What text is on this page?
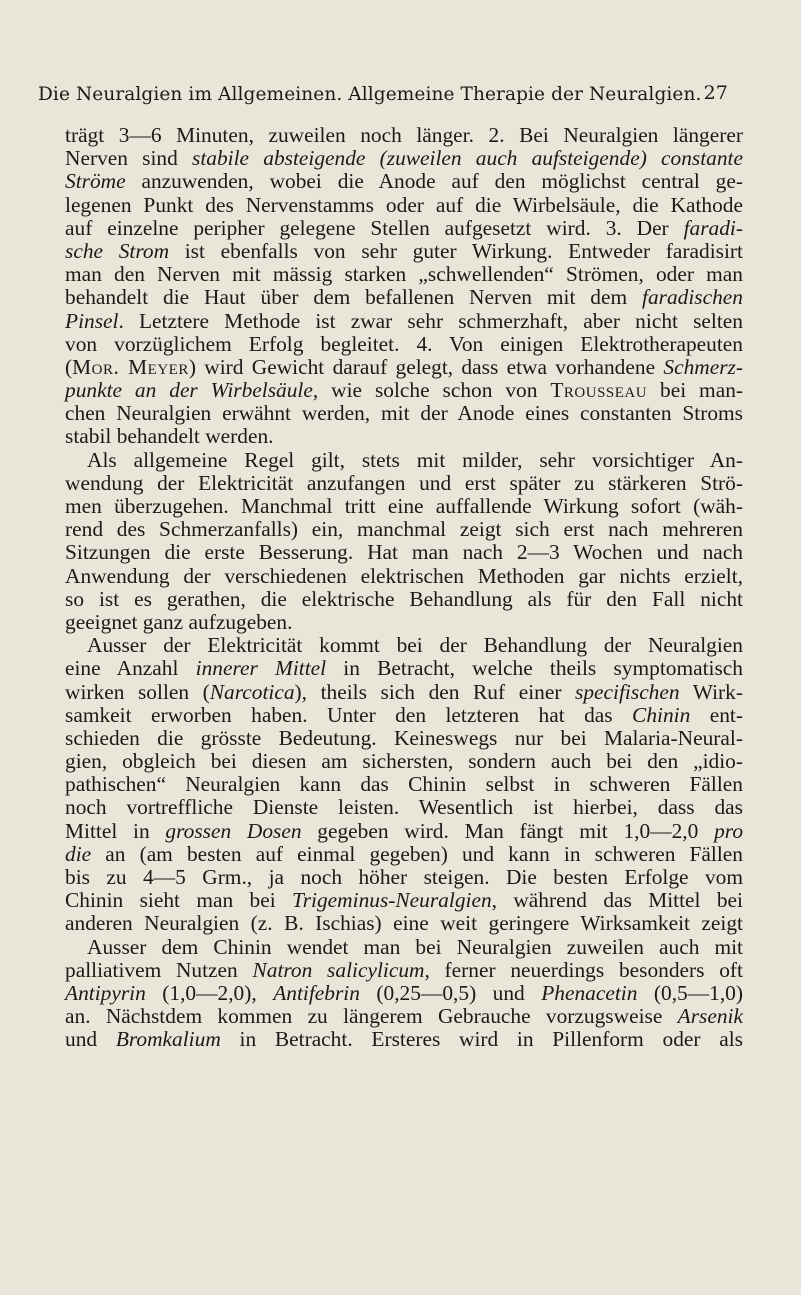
Die Neuralgien im Allgemeinen. Allgemeine Therapie der Neuralgien. 27
trägt 3—6 Minuten, zuweilen noch länger. 2. Bei Neuralgien längerer
Nerven sind stabile absteigende (zuweilen auch aufsteigende) constante
Ströme anzuwenden, wobei die Anode auf den möglichst central ge-
legenen Punkt des Nervenstamms oder auf die Wirbelsäule, die Kathode
auf einzelne peripher gelegene Stellen aufgesetzt wird. 3. Der faradi-
sche Strom ist ebenfalls von sehr guter Wirkung. Entweder faradisirt
man den Nerven mit mässig starken „schwellenden“ Strömen, oder man
behandelt die Haut über dem befallenen Nerven mit dem faradischen
Pinsel. Letztere Methode ist zwar sehr schmerzhaft, aber nicht selten
von vorzüglichem Erfolg begleitet. 4. Von einigen Elektrotherapeuten
(Mor. Meyer) wird Gewicht darauf gelegt, dass etwa vorhandene Schmerz-
punkte an der Wirbelsäule, wie solche schon von Trousseau bei man-
chen Neuralgien erwähnt werden, mit der Anode eines constanten Stroms
stabil behandelt werden.
Als allgemeine Regel gilt, stets mit milder, sehr vorsichtiger An-
wendung der Elektricität anzufangen und erst später zu stärkeren Strö-
men überzugehen. Manchmal tritt eine auffallende Wirkung sofort (wäh-
rend des Schmerzanfalls) ein, manchmal zeigt sich erst nach mehreren
Sitzungen die erste Besserung. Hat man nach 2—3 Wochen und nach
Anwendung der verschiedenen elektrischen Methoden gar nichts erzielt,
so ist es gerathen, die elektrische Behandlung als für den Fall nicht
geeignet ganz aufzugeben.
Ausser der Elektricität kommt bei der Behandlung der Neuralgien
eine Anzahl innerer Mittel in Betracht, welche theils symptomatisch
wirken sollen (Narcotica), theils sich den Ruf einer specifischen Wirk-
samkeit erworben haben. Unter den letzteren hat das Chinin ent-
schieden die grösste Bedeutung. Keineswegs nur bei Malaria-Neural-
gien, obgleich bei diesen am sichersten, sondern auch bei den „idio-
pathischen“ Neuralgien kann das Chinin selbst in schweren Fällen
noch vortreffliche Dienste leisten. Wesentlich ist hierbei, dass das
Mittel in grossen Dosen gegeben wird. Man fängt mit 1,0—2,0 pro
die an (am besten auf einmal gegeben) und kann in schweren Fällen
bis zu 4—5 Grm., ja noch höher steigen. Die besten Erfolge vom
Chinin sieht man bei Trigeminus-Neuralgien, während das Mittel bei
anderen Neuralgien (z. B. Ischias) eine weit geringere Wirksamkeit zeigt
Ausser dem Chinin wendet man bei Neuralgien zuweilen auch mit
palliativem Nutzen Natron salicylicum, ferner neuerdings besonders oft
Antipyrin (1,0—2,0), Antifebrin (0,25—0,5) und Phenacetin (0,5—1,0)
an. Nächstdem kommen zu längerem Gebrauche vorzugsweise Arsenik
und Bromkalium in Betracht. Ersteres wird in Pillenform oder als
